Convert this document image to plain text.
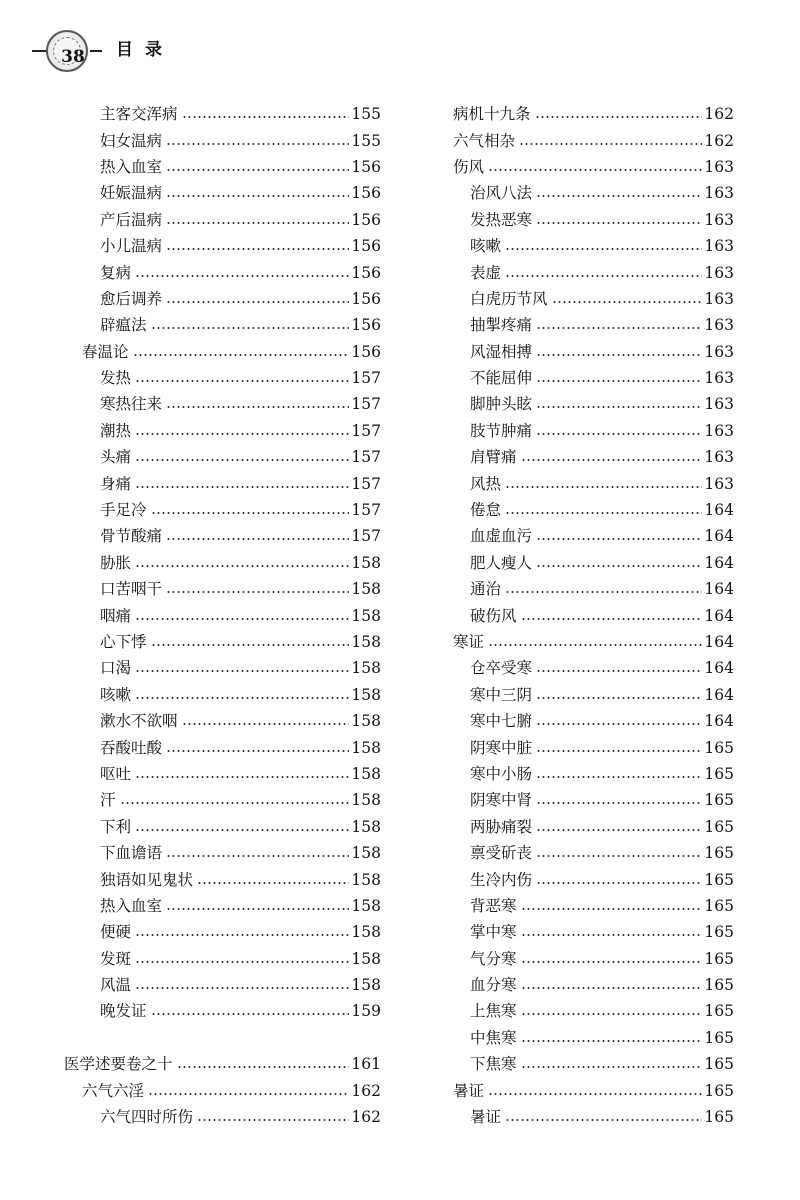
38	目录
主客交浑病	155
妇女温病	155
热入血室	156
妊娠温病	156
产后温病	156
小儿温病	156
复病	156
愈后调养	156
辟瘟法	156
春温论	156
发热	157
寒热往来	157
潮热	157
头痛	157
身痛	157
手足冷	157
骨节酸痛	157
胁胀	158
口苦咽干	158
咽痛	158
心下悸	158
口渴	158
咳嗽	158
漱水不欲咽	158
吞酸吐酸	158
呕吐	158
汗	158
下利	158
下血谵语	158
独语如见鬼状	158
热入血室	158
便硬	158
发斑	158
风温	158
晚发证	159
医学述要卷之十	161
六气六淫	162
六气四时所伤	162
病机十九条	162
六气相杂	162
伤风	163
治风八法	163
发热恶寒	163
咳嗽	163
表虚	163
白虎历节风	163
抽掣疼痛	163
风湿相搏	163
不能屈伸	163
脚肿头眩	163
肢节肿痛	163
肩臂痛	163
风热	163
倦怠	164
血虚血污	164
肥人瘦人	164
通治	164
破伤风	164
寒证	164
仓卒受寒	164
寒中三阴	164
寒中七腑	164
阴寒中脏	165
寒中小肠	165
阴寒中肾	165
两胁痛裂	165
禀受斫丧	165
生冷内伤	165
背恶寒	165
掌中寒	165
气分寒	165
血分寒	165
上焦寒	165
中焦寒	165
下焦寒	165
暑证	165
暑证	165
